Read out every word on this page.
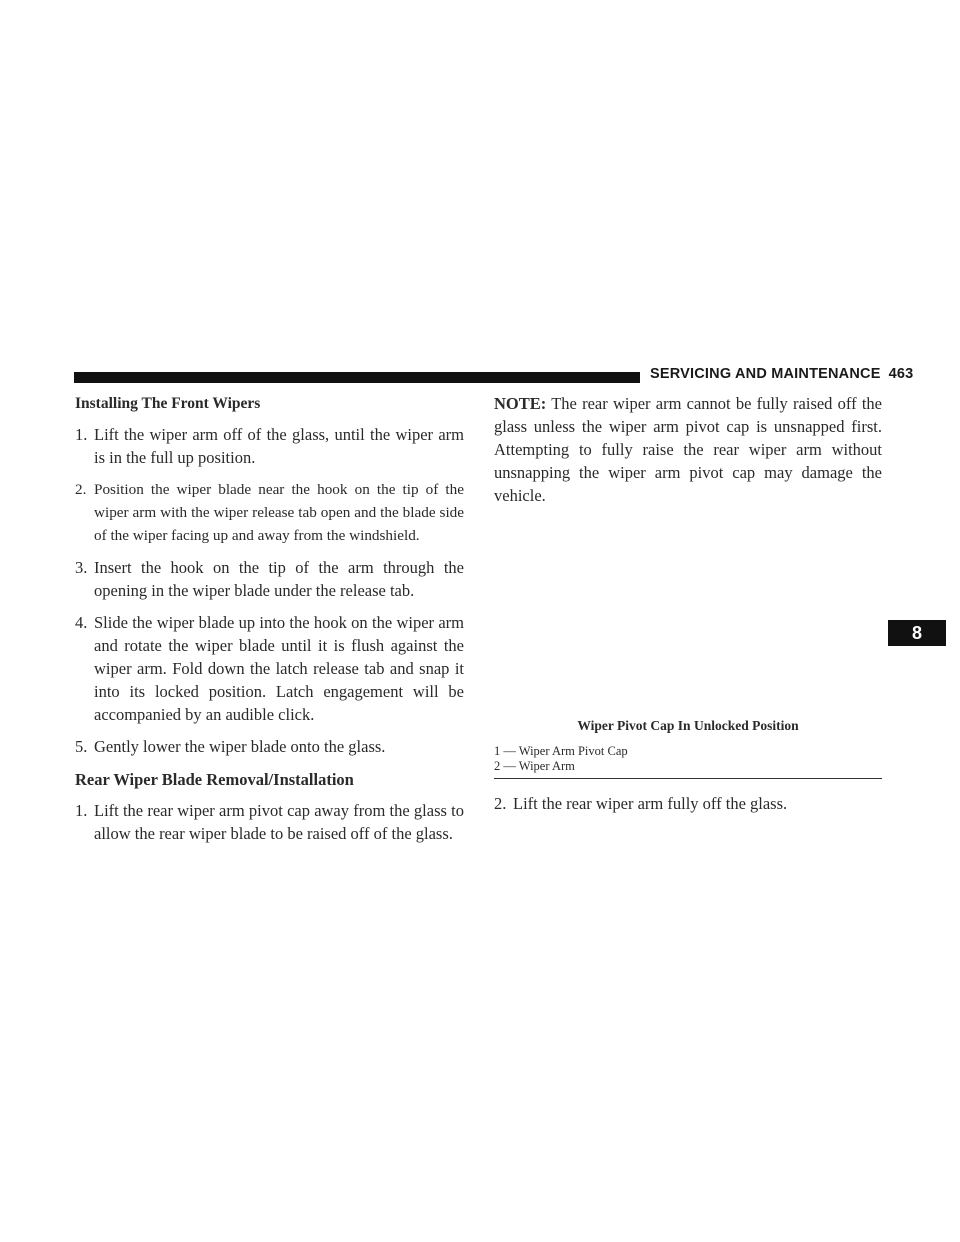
SERVICING AND MAINTENANCE 463
8

Installing The Front Wipers

1. Lift the wiper arm off of the glass, until the wiper arm is in the full up position.
2. Position the wiper blade near the hook on the tip of the wiper arm with the wiper release tab open and the blade side of the wiper facing up and away from the windshield.
3. Insert the hook on the tip of the arm through the opening in the wiper blade under the release tab.
4. Slide the wiper blade up into the hook on the wiper arm and rotate the wiper blade until it is flush against the wiper arm. Fold down the latch release tab and snap it into its locked position. Latch engagement will be accompanied by an audible click.
5. Gently lower the wiper blade onto the glass.

Rear Wiper Blade Removal/Installation

1. Lift the rear wiper arm pivot cap away from the glass to allow the rear wiper blade to be raised off of the glass.

NOTE: The rear wiper arm cannot be fully raised off the glass unless the wiper arm pivot cap is unsnapped first. Attempting to fully raise the rear wiper arm without unsnapping the wiper arm pivot cap may damage the vehicle.

Wiper Pivot Cap In Unlocked Position
1 — Wiper Arm Pivot Cap
2 — Wiper Arm
2. Lift the rear wiper arm fully off the glass.
